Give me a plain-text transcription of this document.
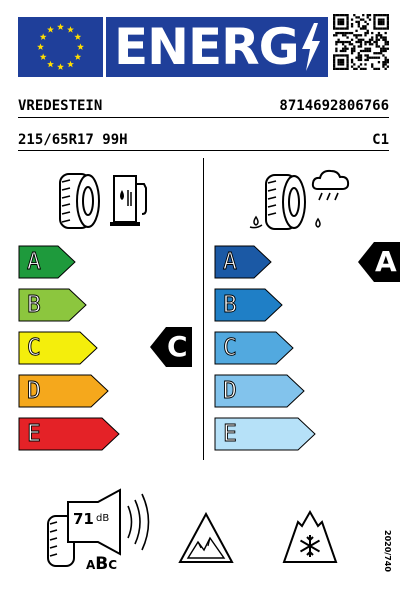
ENERG
VREDESTEIN	8714692806766
215/65R17 99H	C1
A
B
C
D
E
C
A
B
C
D
E
A
71 dB
ABC	2020/740
